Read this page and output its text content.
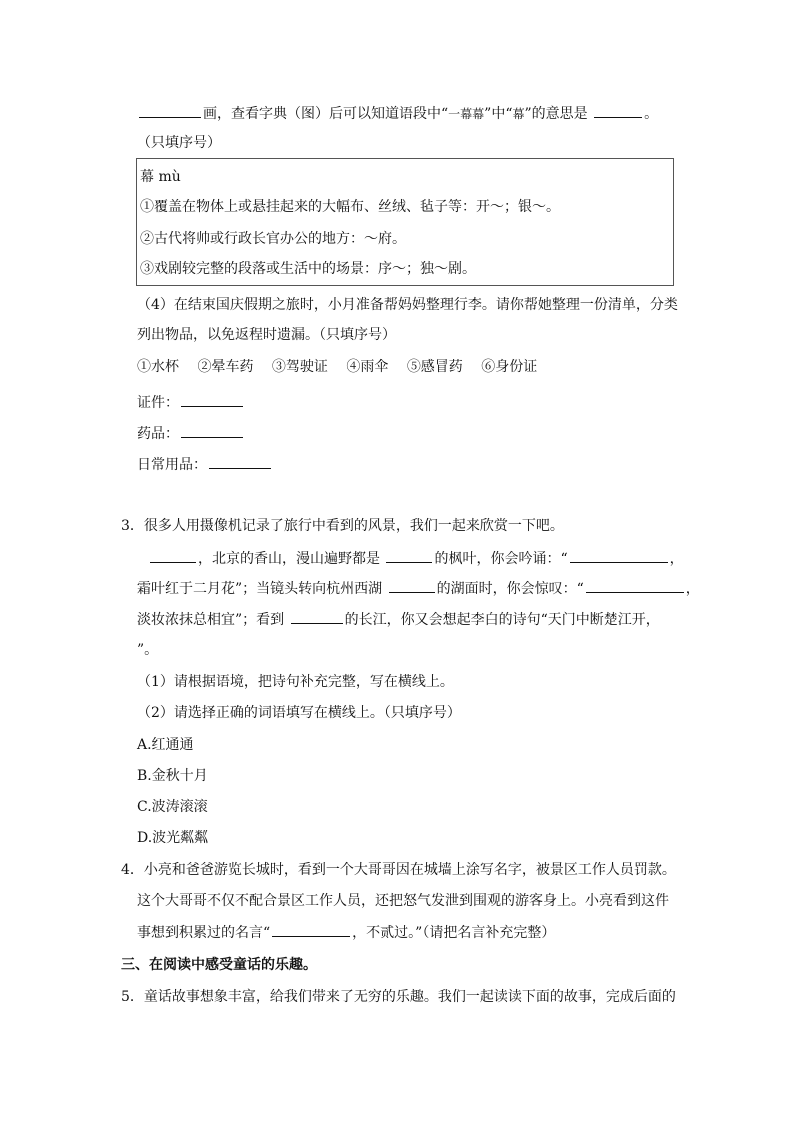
画，查看字典（图）后可以知道语段中“一幕幕”中“幕”的意思是	。
（只填序号）
幕 mù
①覆盖在物体上或悬挂起来的大幅布、丝绒、毡子等：开～；银～。
②古代将帅或行政长官办公的地方：～府。
③戏剧较完整的段落或生活中的场景：序～；独～剧。
（4）在结束国庆假期之旅时，小月准备帮妈妈整理行李。请你帮她整理一份清单，分类
列出物品，以免返程时遗漏。（只填序号）
①水杯 ②晕车药 ③驾驶证 ④雨伞 ⑤感冒药 ⑥身份证
证件：
药品：
日常用品：
3．很多人用摄像机记录了旅行中看到的风景，我们一起来欣赏一下吧。
，北京的香山，漫山遍野都是	的枫叶，你会吟诵：“	，
霜叶红于二月花”；当镜头转向杭州西湖	的湖面时，你会惊叹：“	，
淡妆浓抹总相宜”；看到	的长江，你又会想起李白的诗句“天门中断楚江开，
”。
（1）请根据语境，把诗句补充完整，写在横线上。
（2）请选择正确的词语填写在横线上。（只填序号）
A.红通通
B.金秋十月
C.波涛滚滚
D.波光粼粼
4．小亮和爸爸游览长城时，看到一个大哥哥因在城墙上涂写名字，被景区工作人员罚款。
这个大哥哥不仅不配合景区工作人员，还把怒气发泄到围观的游客身上。小亮看到这件
事想到积累过的名言“	，不贰过。”（请把名言补充完整）
三、在阅读中感受童话的乐趣。
5．童话故事想象丰富，给我们带来了无穷的乐趣。我们一起读读下面的故事，完成后面的
